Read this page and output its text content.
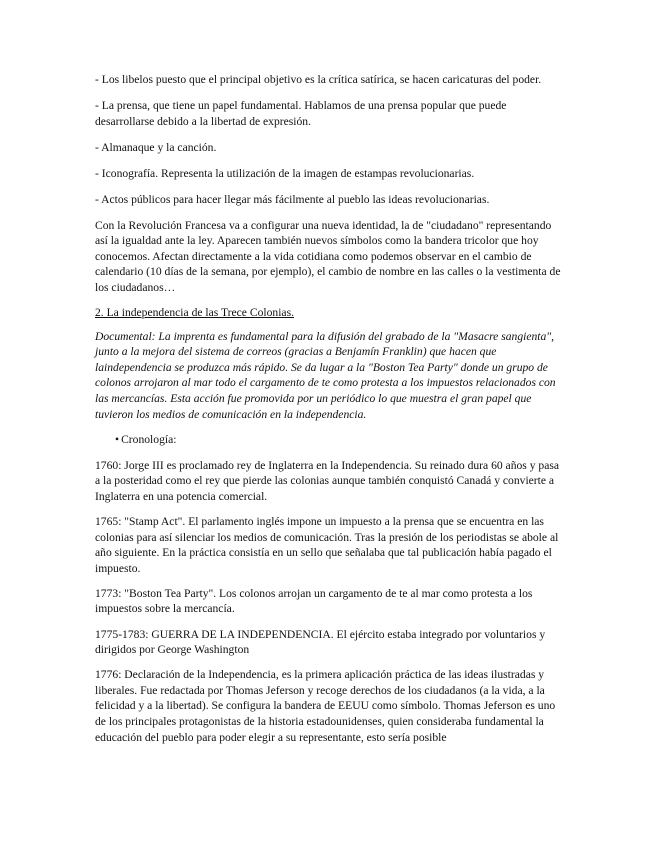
- Los libelos puesto que el principal objetivo es la crítica satírica, se hacen caricaturas del poder.

- La prensa, que tiene un papel fundamental. Hablamos de una prensa popular que puede desarrollarse debido a la libertad de expresión.

- Almanaque y la canción.

- Iconografía. Representa la utilización de la imagen de estampas revolucionarias.

- Actos públicos para hacer llegar más fácilmente al pueblo las ideas revolucionarias.

Con la Revolución Francesa va a configurar una nueva identidad, la de "ciudadano" representando así la igualdad ante la ley. Aparecen también nuevos símbolos como la bandera tricolor que hoy conocemos. Afectan directamente a la vida cotidiana como podemos observar en el cambio de calendario (10 días de la semana, por ejemplo), el cambio de nombre en las calles o la vestimenta de los ciudadanos…

2. La independencia de las Trece Colonias.

Documental: La imprenta es fundamental para la difusión del grabado de la "Masacre sangienta", junto a la mejora del sistema de correos (gracias a Benjamín Franklin) que hacen que laindependencia se produzca más rápido. Se da lugar a la "Boston Tea Party" donde un grupo de colonos arrojaron al mar todo el cargamento de te como protesta a los impuestos relacionados con las mercancías. Esta acción fue promovida por un periódico lo que muestra el gran papel que tuvieron los medios de comunicación en la independencia.

• Cronología:

1760: Jorge III es proclamado rey de Inglaterra en la Independencia. Su reinado dura 60 años y pasa a la posteridad como el rey que pierde las colonias aunque también conquistó Canadá y convierte a Inglaterra en una potencia comercial.

1765: "Stamp Act". El parlamento inglés impone un impuesto a la prensa que se encuentra en las colonias para así silenciar los medios de comunicación. Tras la presión de los periodistas se abole al año siguiente. En la práctica consistía en un sello que señalaba que tal publicación había pagado el impuesto.

1773: "Boston Tea Party". Los colonos arrojan un cargamento de te al mar como protesta a los impuestos sobre la mercancía.

1775-1783: GUERRA DE LA INDEPENDENCIA. El ejército estaba integrado por voluntarios y dirigidos por George Washington

1776: Declaración de la Independencia, es la primera aplicación práctica de las ideas ilustradas y liberales. Fue redactada por Thomas Jeferson y recoge derechos de los ciudadanos (a la vida, a la felicidad y a la libertad). Se configura la bandera de EEUU como símbolo. Thomas Jeferson es uno de los principales protagonistas de la historia estadounidenses, quien consideraba fundamental la educación del pueblo para poder elegir a su representante, esto sería posible
